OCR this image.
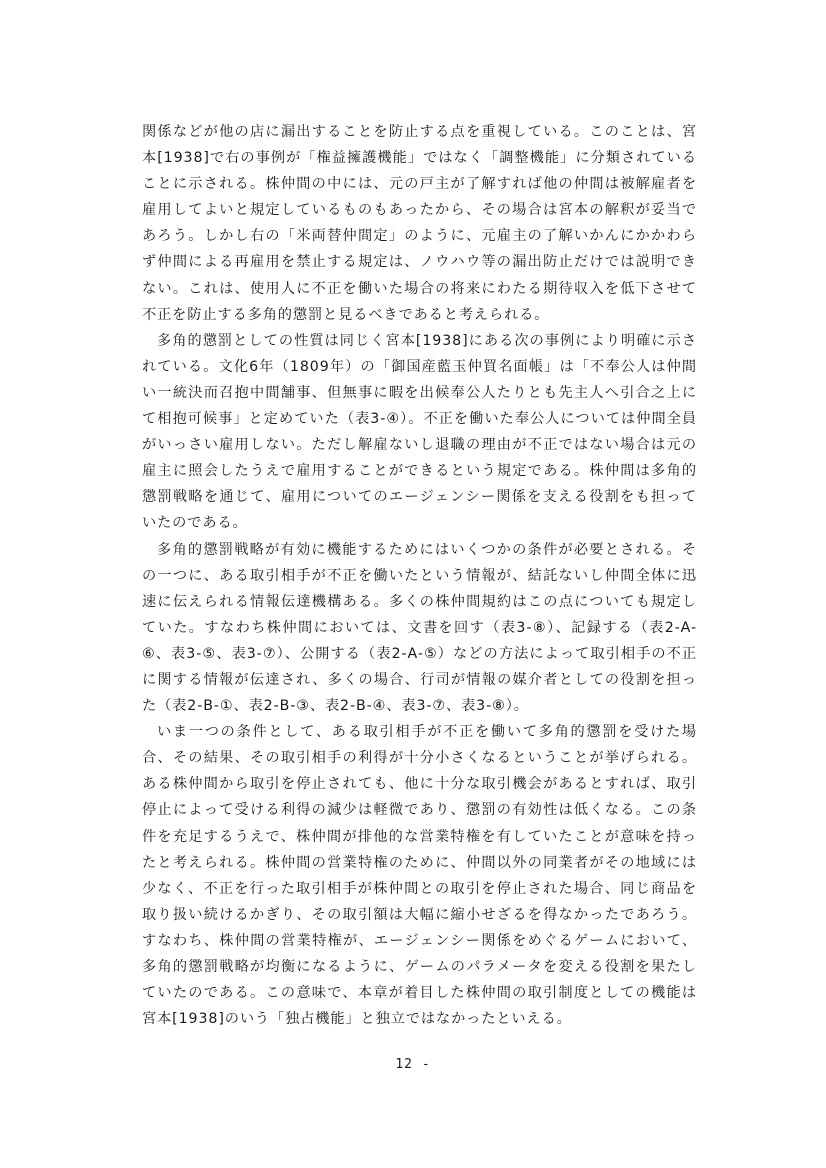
関係などが他の店に漏出することを防止する点を重視している。このことは、宮本[1938]で右の事例が「権益擁護機能」ではなく「調整機能」に分類されていることに示される。株仲間の中には、元の戸主が了解すれば他の仲間は被解雇者を雇用してよいと規定しているものもあったから、その場合は宮本の解釈が妥当であろう。しかし右の「米両替仲間定」のように、元雇主の了解いかんにかかわらず仲間による再雇用を禁止する規定は、ノウハウ等の漏出防止だけでは説明できない。これは、使用人に不正を働いた場合の将来にわたる期待収入を低下させて不正を防止する多角的懲罰と見るべきであると考えられる。

多角的懲罰としての性質は同じく宮本[1938]にある次の事例により明確に示されている。文化6年（1809年）の「御国産藍玉仲買名面帳」は「不奉公人は仲間い一統決而召抱中間舗事、但無事に暇を出候奉公人たりとも先主人へ引合之上にて相抱可候事」と定めていた（表3-④）。不正を働いた奉公人については仲間全員がいっさい雇用しない。ただし解雇ないし退職の理由が不正ではない場合は元の雇主に照会したうえで雇用することができるという規定である。株仲間は多角的懲罰戦略を通じて、雇用についてのエージェンシー関係を支える役割をも担っていたのである。

多角的懲罰戦略が有効に機能するためにはいくつかの条件が必要とされる。その一つに、ある取引相手が不正を働いたという情報が、結託ないし仲間全体に迅速に伝えられる情報伝達機構ある。多くの株仲間規約はこの点についても規定していた。すなわち株仲間においては、文書を回す（表3-⑧）、記録する（表2-A-⑥、表3-⑤、表3-⑦）、公開する（表2-A-⑤）などの方法によって取引相手の不正に関する情報が伝達され、多くの場合、行司が情報の媒介者としての役割を担った（表2-B-①、表2-B-③、表2-B-④、表3-⑦、表3-⑧）。

いま一つの条件として、ある取引相手が不正を働いて多角的懲罰を受けた場合、その結果、その取引相手の利得が十分小さくなるということが挙げられる。ある株仲間から取引を停止されても、他に十分な取引機会があるとすれば、取引停止によって受ける利得の減少は軽微であり、懲罰の有効性は低くなる。この条件を充足するうえで、株仲間が排他的な営業特権を有していたことが意味を持ったと考えられる。株仲間の営業特権のために、仲間以外の同業者がその地域には少なく、不正を行った取引相手が株仲間との取引を停止された場合、同じ商品を取り扱い続けるかぎり、その取引額は大幅に縮小せざるを得なかったであろう。すなわち、株仲間の営業特権が、エージェンシー関係をめぐるゲームにおいて、多角的懲罰戦略が均衡になるように、ゲームのパラメータを変える役割を果たしていたのである。この意味で、本章が着目した株仲間の取引制度としての機能は宮本[1938]のいう「独占機能」と独立ではなかったといえる。

12 -
